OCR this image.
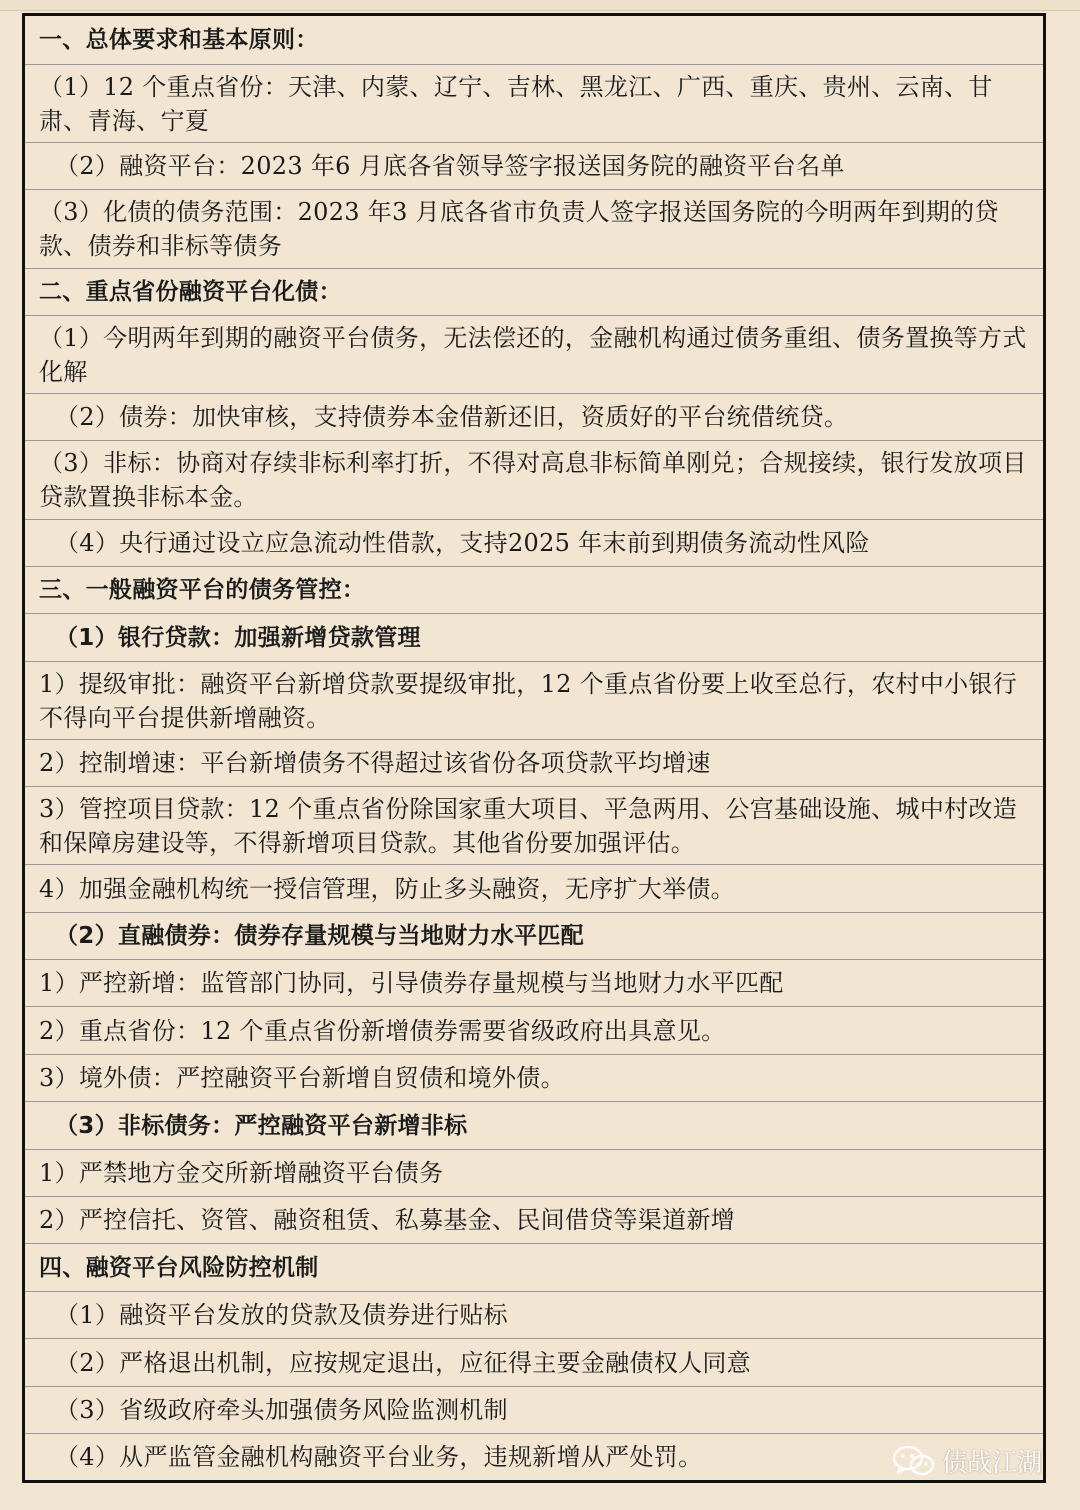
一、总体要求和基本原则：
（1）12 个重点省份：天津、内蒙、辽宁、吉林、黑龙江、广西、重庆、贵州、云南、甘肃、青海、宁夏
（2）融资平台：2023 年6 月底各省领导签字报送国务院的融资平台名单
（3）化债的债务范围：2023 年3 月底各省市负责人签字报送国务院的今明两年到期的贷款、债券和非标等债务
二、重点省份融资平台化债：
（1）今明两年到期的融资平台债务，无法偿还的，金融机构通过债务重组、债务置换等方式化解
（2）债券：加快审核，支持债券本金借新还旧，资质好的平台统借统贷。
（3）非标：协商对存续非标利率打折，不得对高息非标简单刚兑；合规接续，银行发放项目贷款置换非标本金。
（4）央行通过设立应急流动性借款，支持2025 年末前到期债务流动性风险
三、一般融资平台的债务管控：
（1）银行贷款：加强新增贷款管理
1）提级审批：融资平台新增贷款要提级审批，12 个重点省份要上收至总行，农村中小银行不得向平台提供新增融资。
2）控制增速：平台新增债务不得超过该省份各项贷款平均增速
3）管控项目贷款：12 个重点省份除国家重大项目、平急两用、公宫基础设施、城中村改造和保障房建设等，不得新增项目贷款。其他省份要加强评估。
4）加强金融机构统一授信管理，防止多头融资，无序扩大举债。
（2）直融债券：债券存量规模与当地财力水平匹配
1）严控新增：监管部门协同，引导债券存量规模与当地财力水平匹配
2）重点省份：12 个重点省份新增债券需要省级政府出具意见。
3）境外债：严控融资平台新增自贸债和境外债。
（3）非标债务：严控融资平台新增非标
1）严禁地方金交所新增融资平台债务
2）严控信托、资管、融资租赁、私募基金、民间借贷等渠道新增
四、融资平台风险防控机制
（1）融资平台发放的贷款及债券进行贴标
（2）严格退出机制，应按规定退出，应征得主要金融债权人同意
（3）省级政府牵头加强债务风险监测机制
（4）从严监管金融机构融资平台业务，违规新增从严处罚。	债战江湖
